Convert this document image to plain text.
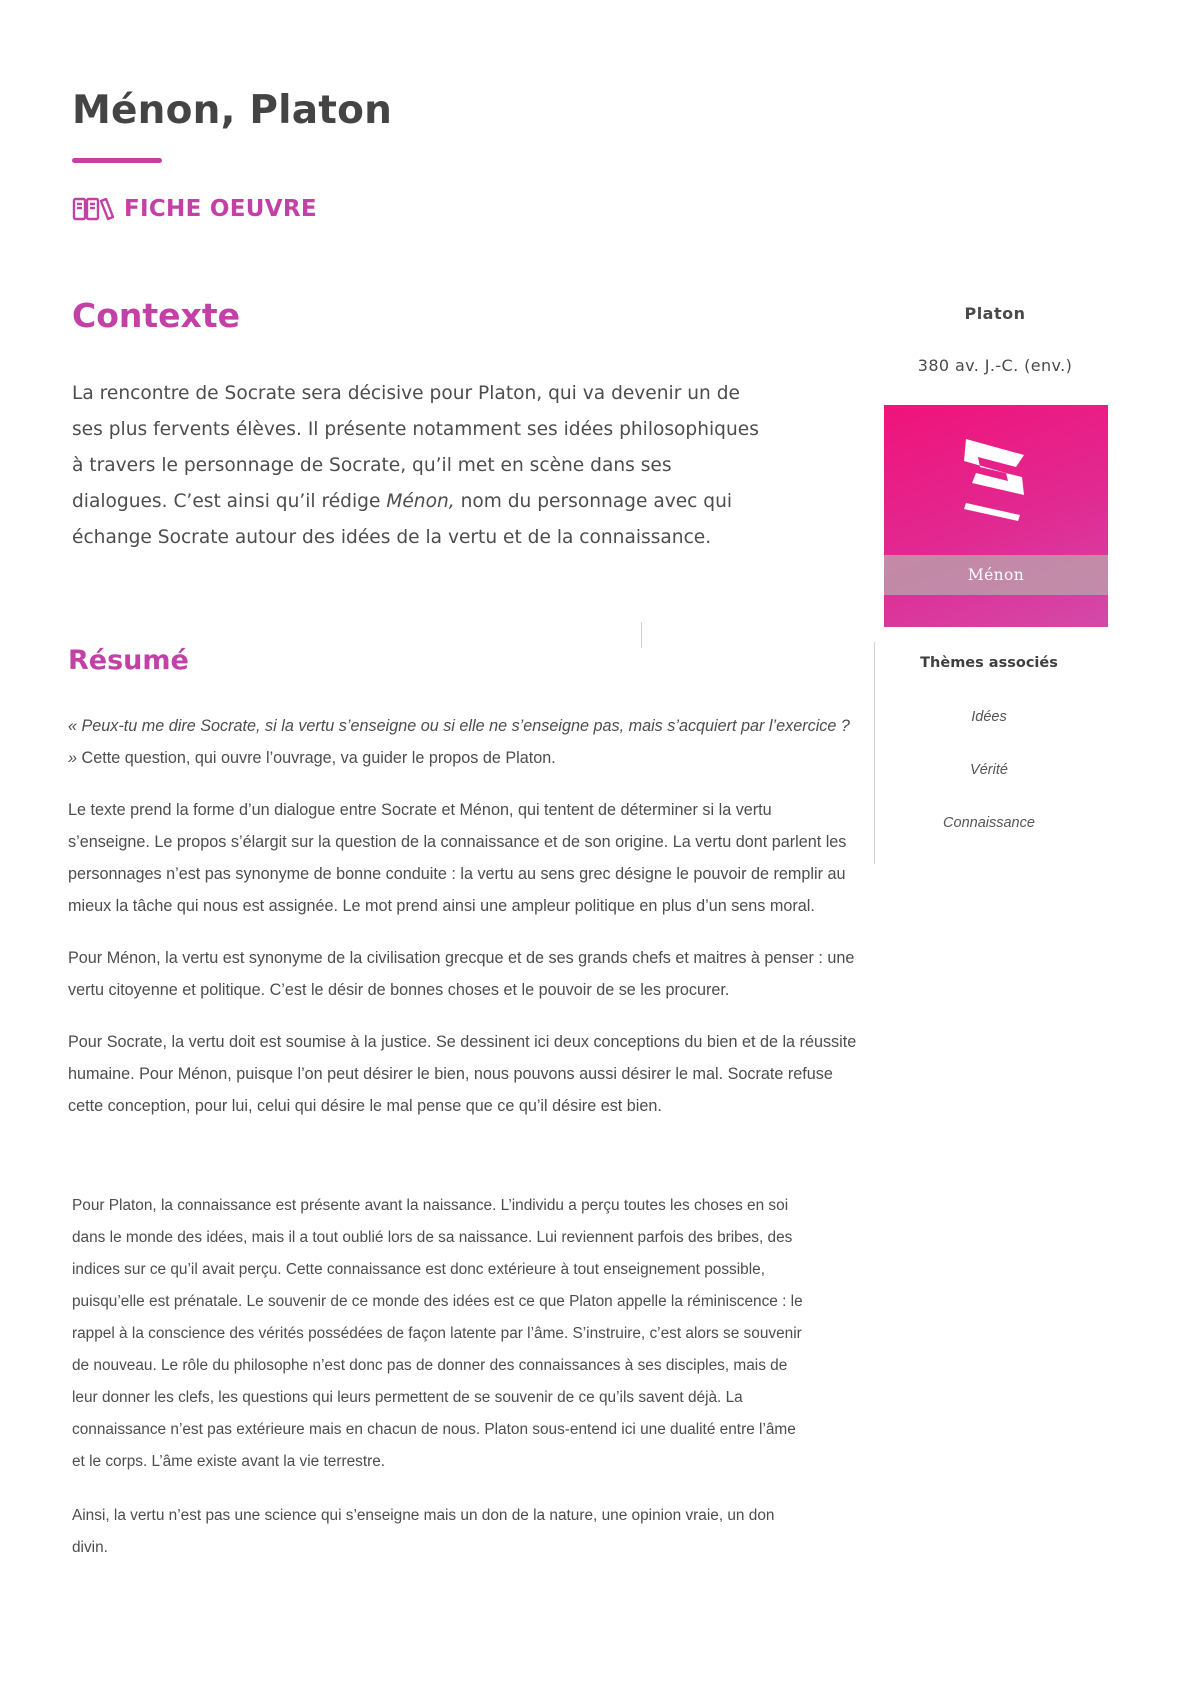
Ménon, Platon
FICHE OEUVRE
Contexte

La rencontre de Socrate sera décisive pour Platon, qui va devenir un de ses plus fervents élèves. Il présente notamment ses idées philosophiques à travers le personnage de Socrate, qu’il met en scène dans ses dialogues. C’est ainsi qu’il rédige Ménon, nom du personnage avec qui échange Socrate autour des idées de la vertu et de la connaissance.

Résumé

« Peux-tu me dire Socrate, si la vertu s’enseigne ou si elle ne s’enseigne pas, mais s’acquiert par l’exercice ? » Cette question, qui ouvre l’ouvrage, va guider le propos de Platon.

Le texte prend la forme d’un dialogue entre Socrate et Ménon, qui tentent de déterminer si la vertu s’enseigne. Le propos s’élargit sur la question de la connaissance et de son origine. La vertu dont parlent les personnages n’est pas synonyme de bonne conduite : la vertu au sens grec désigne le pouvoir de remplir au mieux la tâche qui nous est assignée. Le mot prend ainsi une ampleur politique en plus d’un sens moral.

Pour Ménon, la vertu est synonyme de la civilisation grecque et de ses grands chefs et maitres à penser : une vertu citoyenne et politique. C’est le désir de bonnes choses et le pouvoir de se les procurer.

Pour Socrate, la vertu doit est soumise à la justice. Se dessinent ici deux conceptions du bien et de la réussite humaine. Pour Ménon, puisque l’on peut désirer le bien, nous pouvons aussi désirer le mal. Socrate refuse cette conception, pour lui, celui qui désire le mal pense que ce qu’il désire est bien.

Pour Platon, la connaissance est présente avant la naissance. L’individu a perçu toutes les choses en soi dans le monde des idées, mais il a tout oublié lors de sa naissance. Lui reviennent parfois des bribes, des indices sur ce qu’il avait perçu. Cette connaissance est donc extérieure à tout enseignement possible, puisqu’elle est prénatale. Le souvenir de ce monde des idées est ce que Platon appelle la réminiscence : le rappel à la conscience des vérités possédées de façon latente par l’âme. S’instruire, c’est alors se souvenir de nouveau. Le rôle du philosophe n’est donc pas de donner des connaissances à ses disciples, mais de leur donner les clefs, les questions qui leurs permettent de se souvenir de ce qu’ils savent déjà. La connaissance n’est pas extérieure mais en chacun de nous. Platon sous-entend ici une dualité entre l’âme et le corps. L’âme existe avant la vie terrestre.

Ainsi, la vertu n’est pas une science qui s’enseigne mais un don de la nature, une opinion vraie, un don divin.

Platon
380 av. J.-C. (env.)
Ménon
Thèmes associés
Idées
Vérité
Connaissance
